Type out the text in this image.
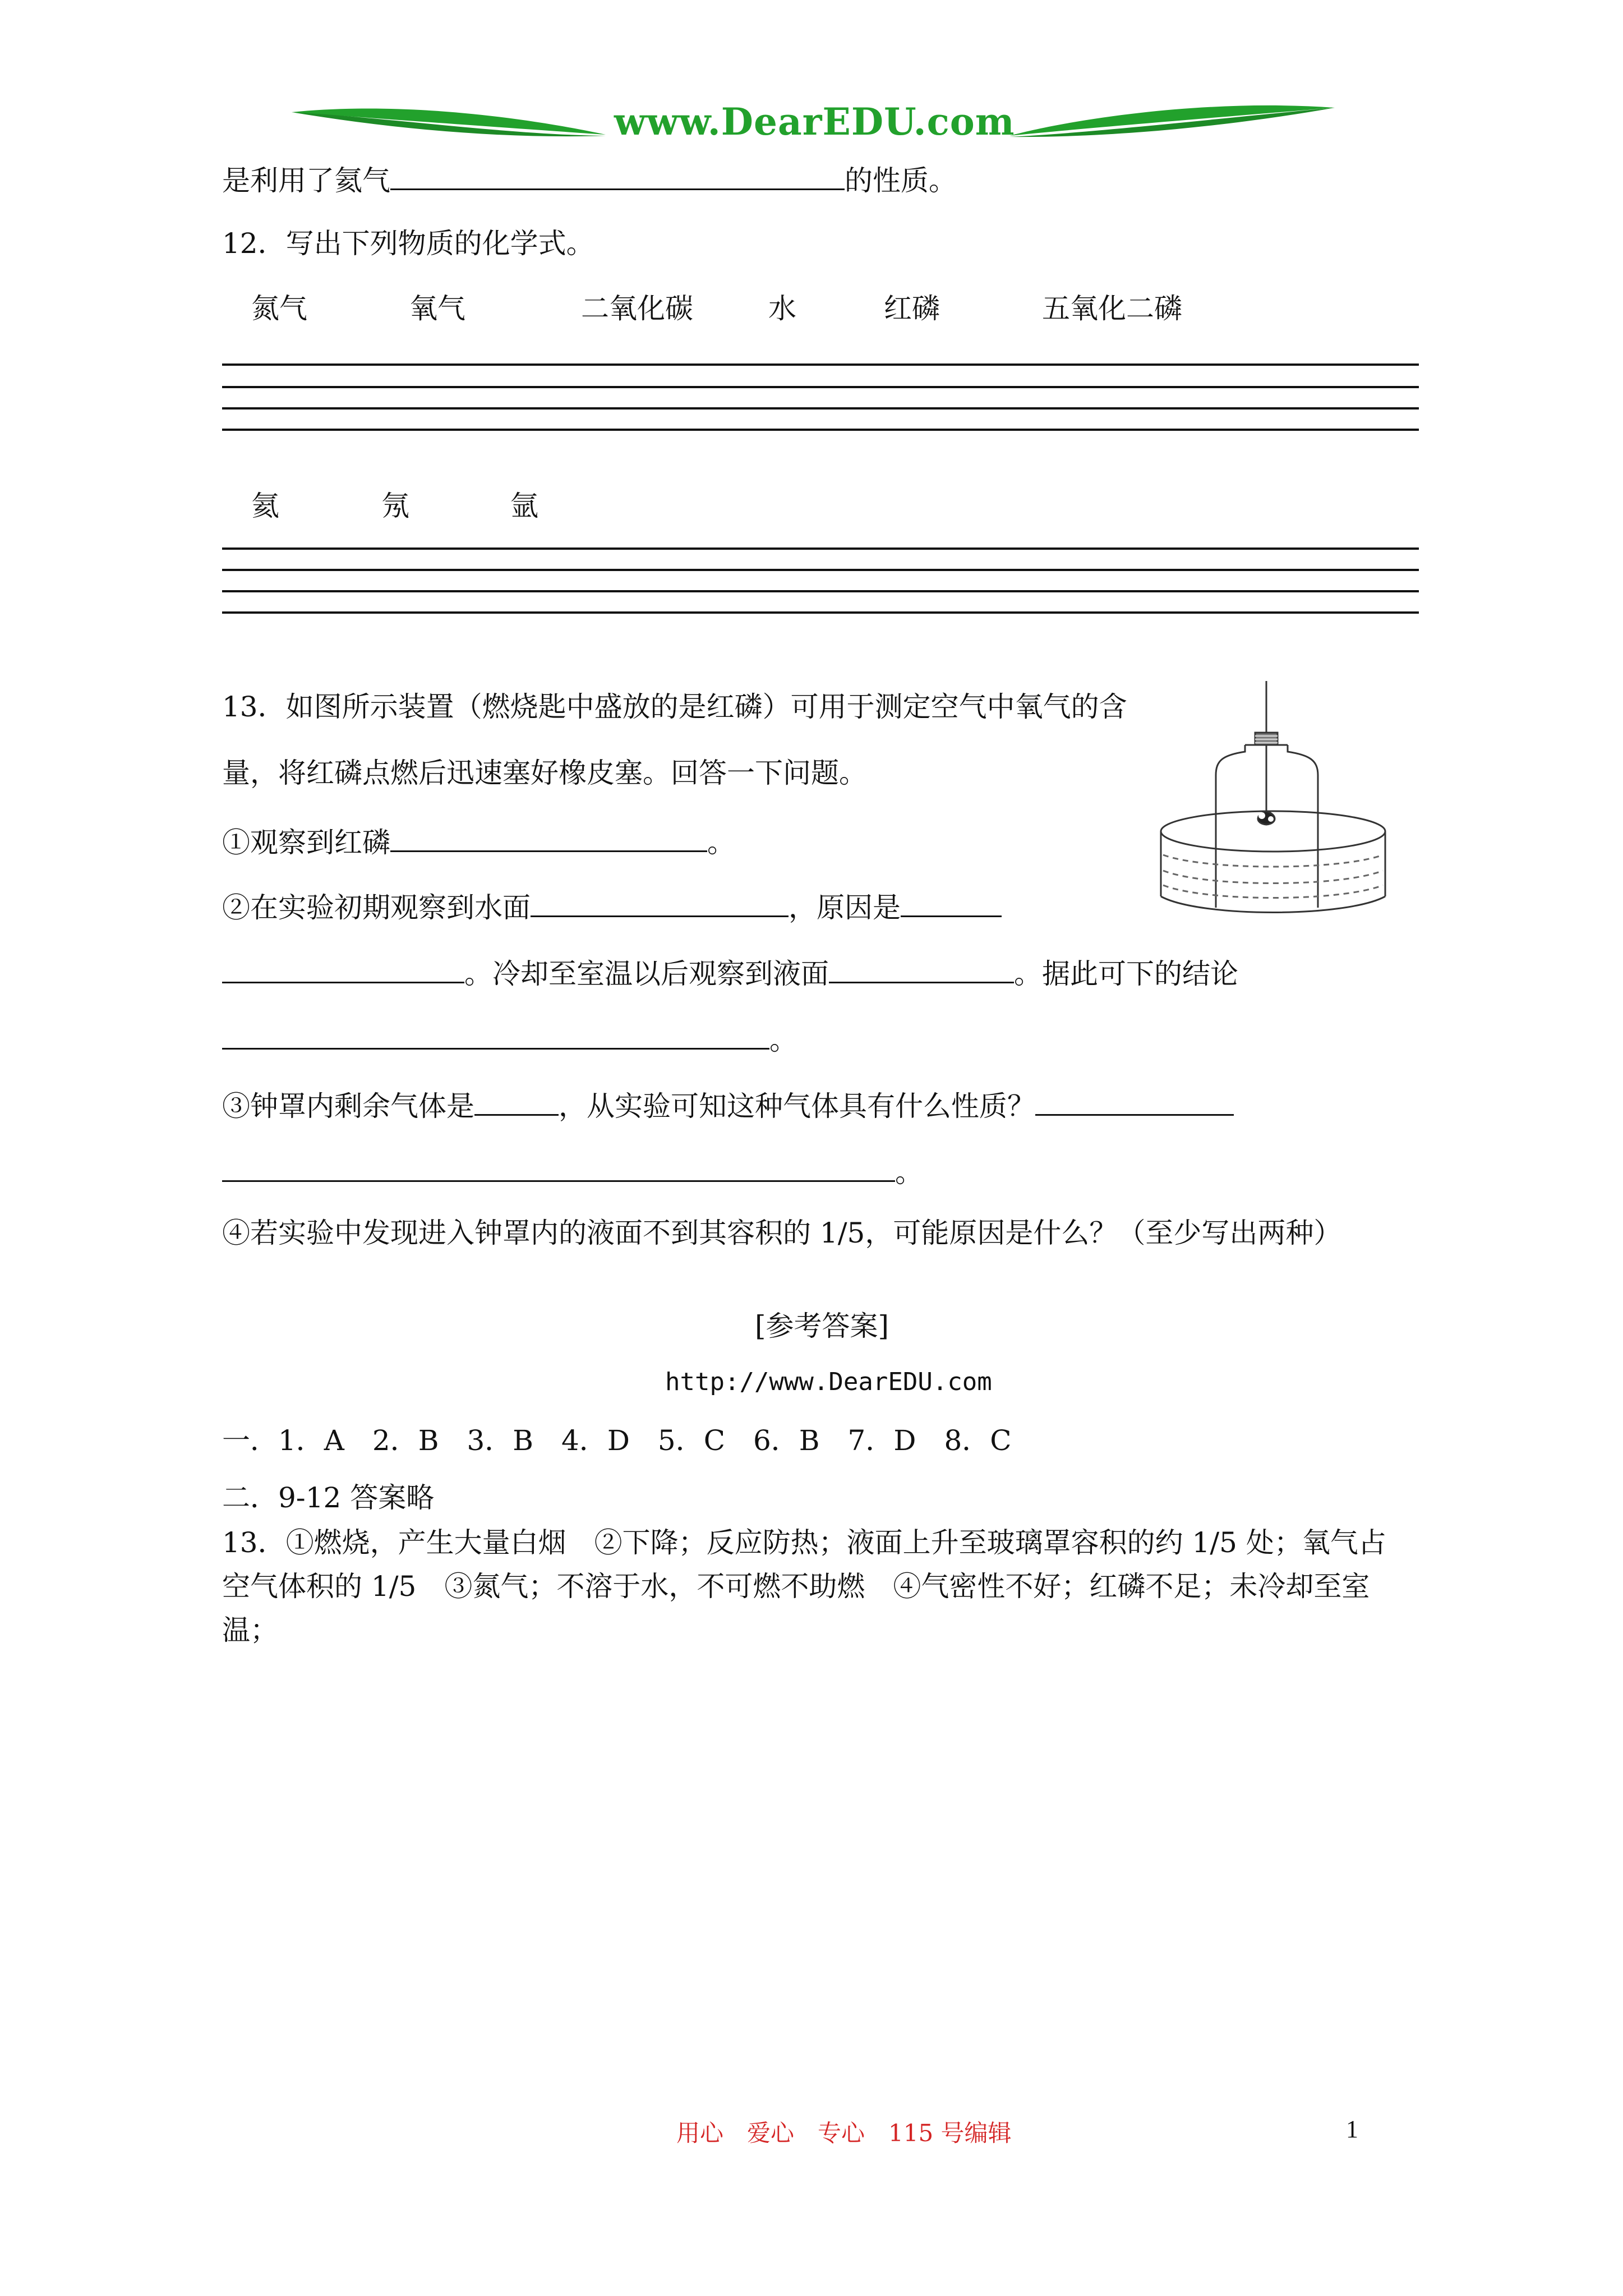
www.DearEDU.com
是利用了氦气	的性质。
12．写出下列物质的化学式。
氮气	氧气	二氧化碳	水	红磷	五氧化二磷
氦	氖	氩
13．如图所示装置（燃烧匙中盛放的是红磷）可用于测定空气中氧气的含
量，将红磷点燃后迅速塞好橡皮塞。回答一下问题。
①观察到红磷	。
②在实验初期观察到水面	，原因是
。冷却至室温以后观察到液面	。据此可下的结论
。
③钟罩内剩余气体是	，从实验可知这种气体具有什么性质？
。
④若实验中发现进入钟罩内的液面不到其容积的 1/5，可能原因是什么？（至少写出两种）
[参考答案]
http://www.DearEDU.com
一．1．A　2．B　3．B　4．D　5．C　6．B　7．D　8．C
二．9-12 答案略
13．①燃烧，产生大量白烟　②下降；反应防热；液面上升至玻璃罩容积的约 1/5 处；氧气占
空气体积的 1/5　③氮气；不溶于水，不可燃不助燃　④气密性不好；红磷不足；未冷却至室
温；
用心　爱心　专心　115 号编辑	1
